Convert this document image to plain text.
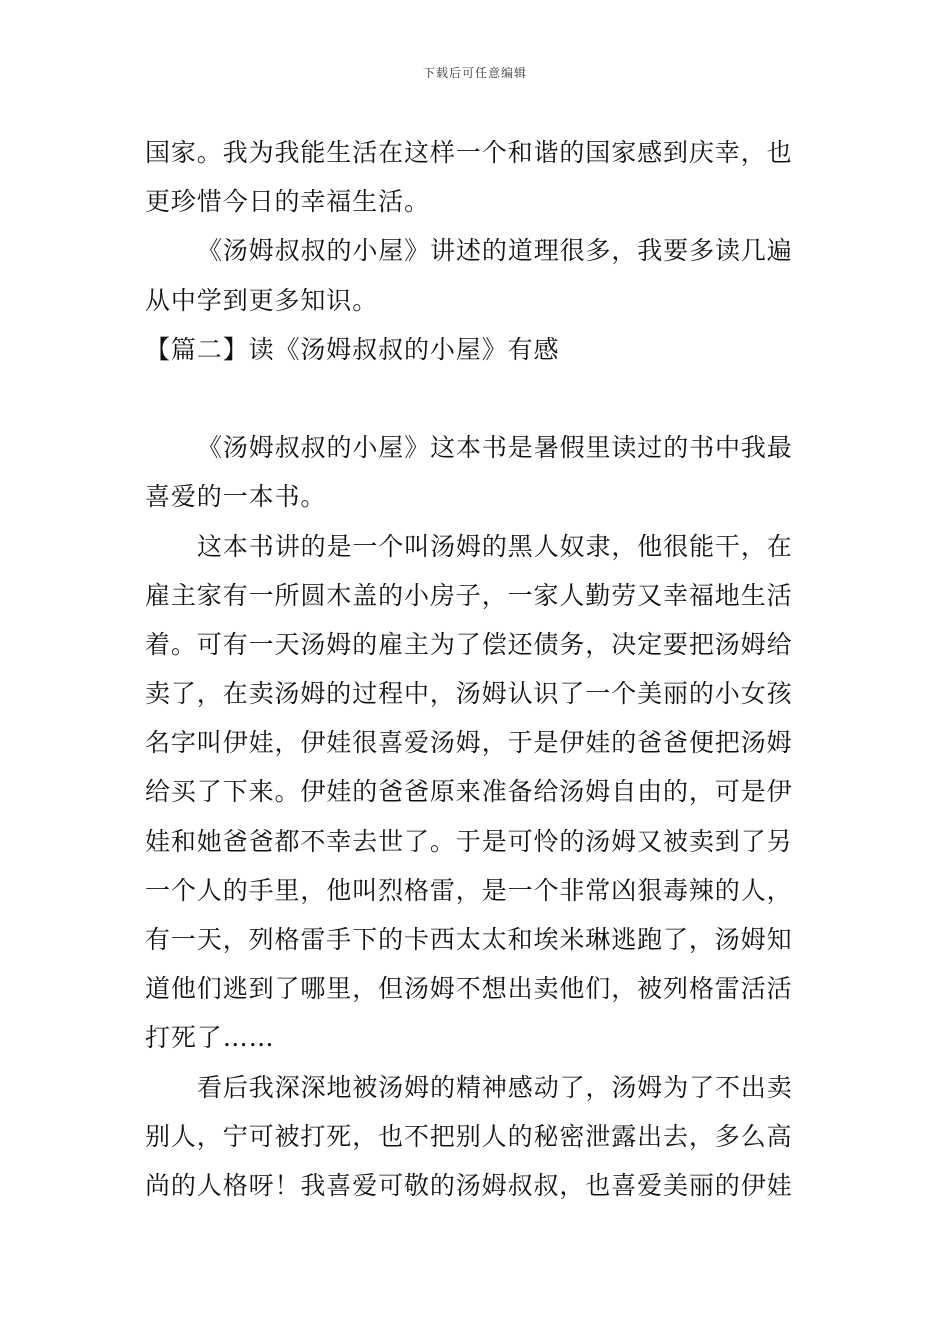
下载后可任意编辑
国家。我为我能生活在这样一个和谐的国家感到庆幸，也
更珍惜今日的幸福生活。
《汤姆叔叔的小屋》讲述的道理很多，我要多读几遍
从中学到更多知识。
【篇二】读《汤姆叔叔的小屋》有感
《汤姆叔叔的小屋》这本书是暑假里读过的书中我最
喜爱的一本书。
这本书讲的是一个叫汤姆的黑人奴隶，他很能干，在
雇主家有一所圆木盖的小房子，一家人勤劳又幸福地生活
着。可有一天汤姆的雇主为了偿还债务，决定要把汤姆给
卖了，在卖汤姆的过程中，汤姆认识了一个美丽的小女孩
名字叫伊娃，伊娃很喜爱汤姆，于是伊娃的爸爸便把汤姆
给买了下来。伊娃的爸爸原来准备给汤姆自由的，可是伊
娃和她爸爸都不幸去世了。于是可怜的汤姆又被卖到了另
一个人的手里，他叫烈格雷，是一个非常凶狠毒辣的人，
有一天，列格雷手下的卡西太太和埃米琳逃跑了，汤姆知
道他们逃到了哪里，但汤姆不想出卖他们，被列格雷活活
打死了……
看后我深深地被汤姆的精神感动了，汤姆为了不出卖
别人，宁可被打死，也不把别人的秘密泄露出去，多么高
尚的人格呀！我喜爱可敬的汤姆叔叔，也喜爱美丽的伊娃
